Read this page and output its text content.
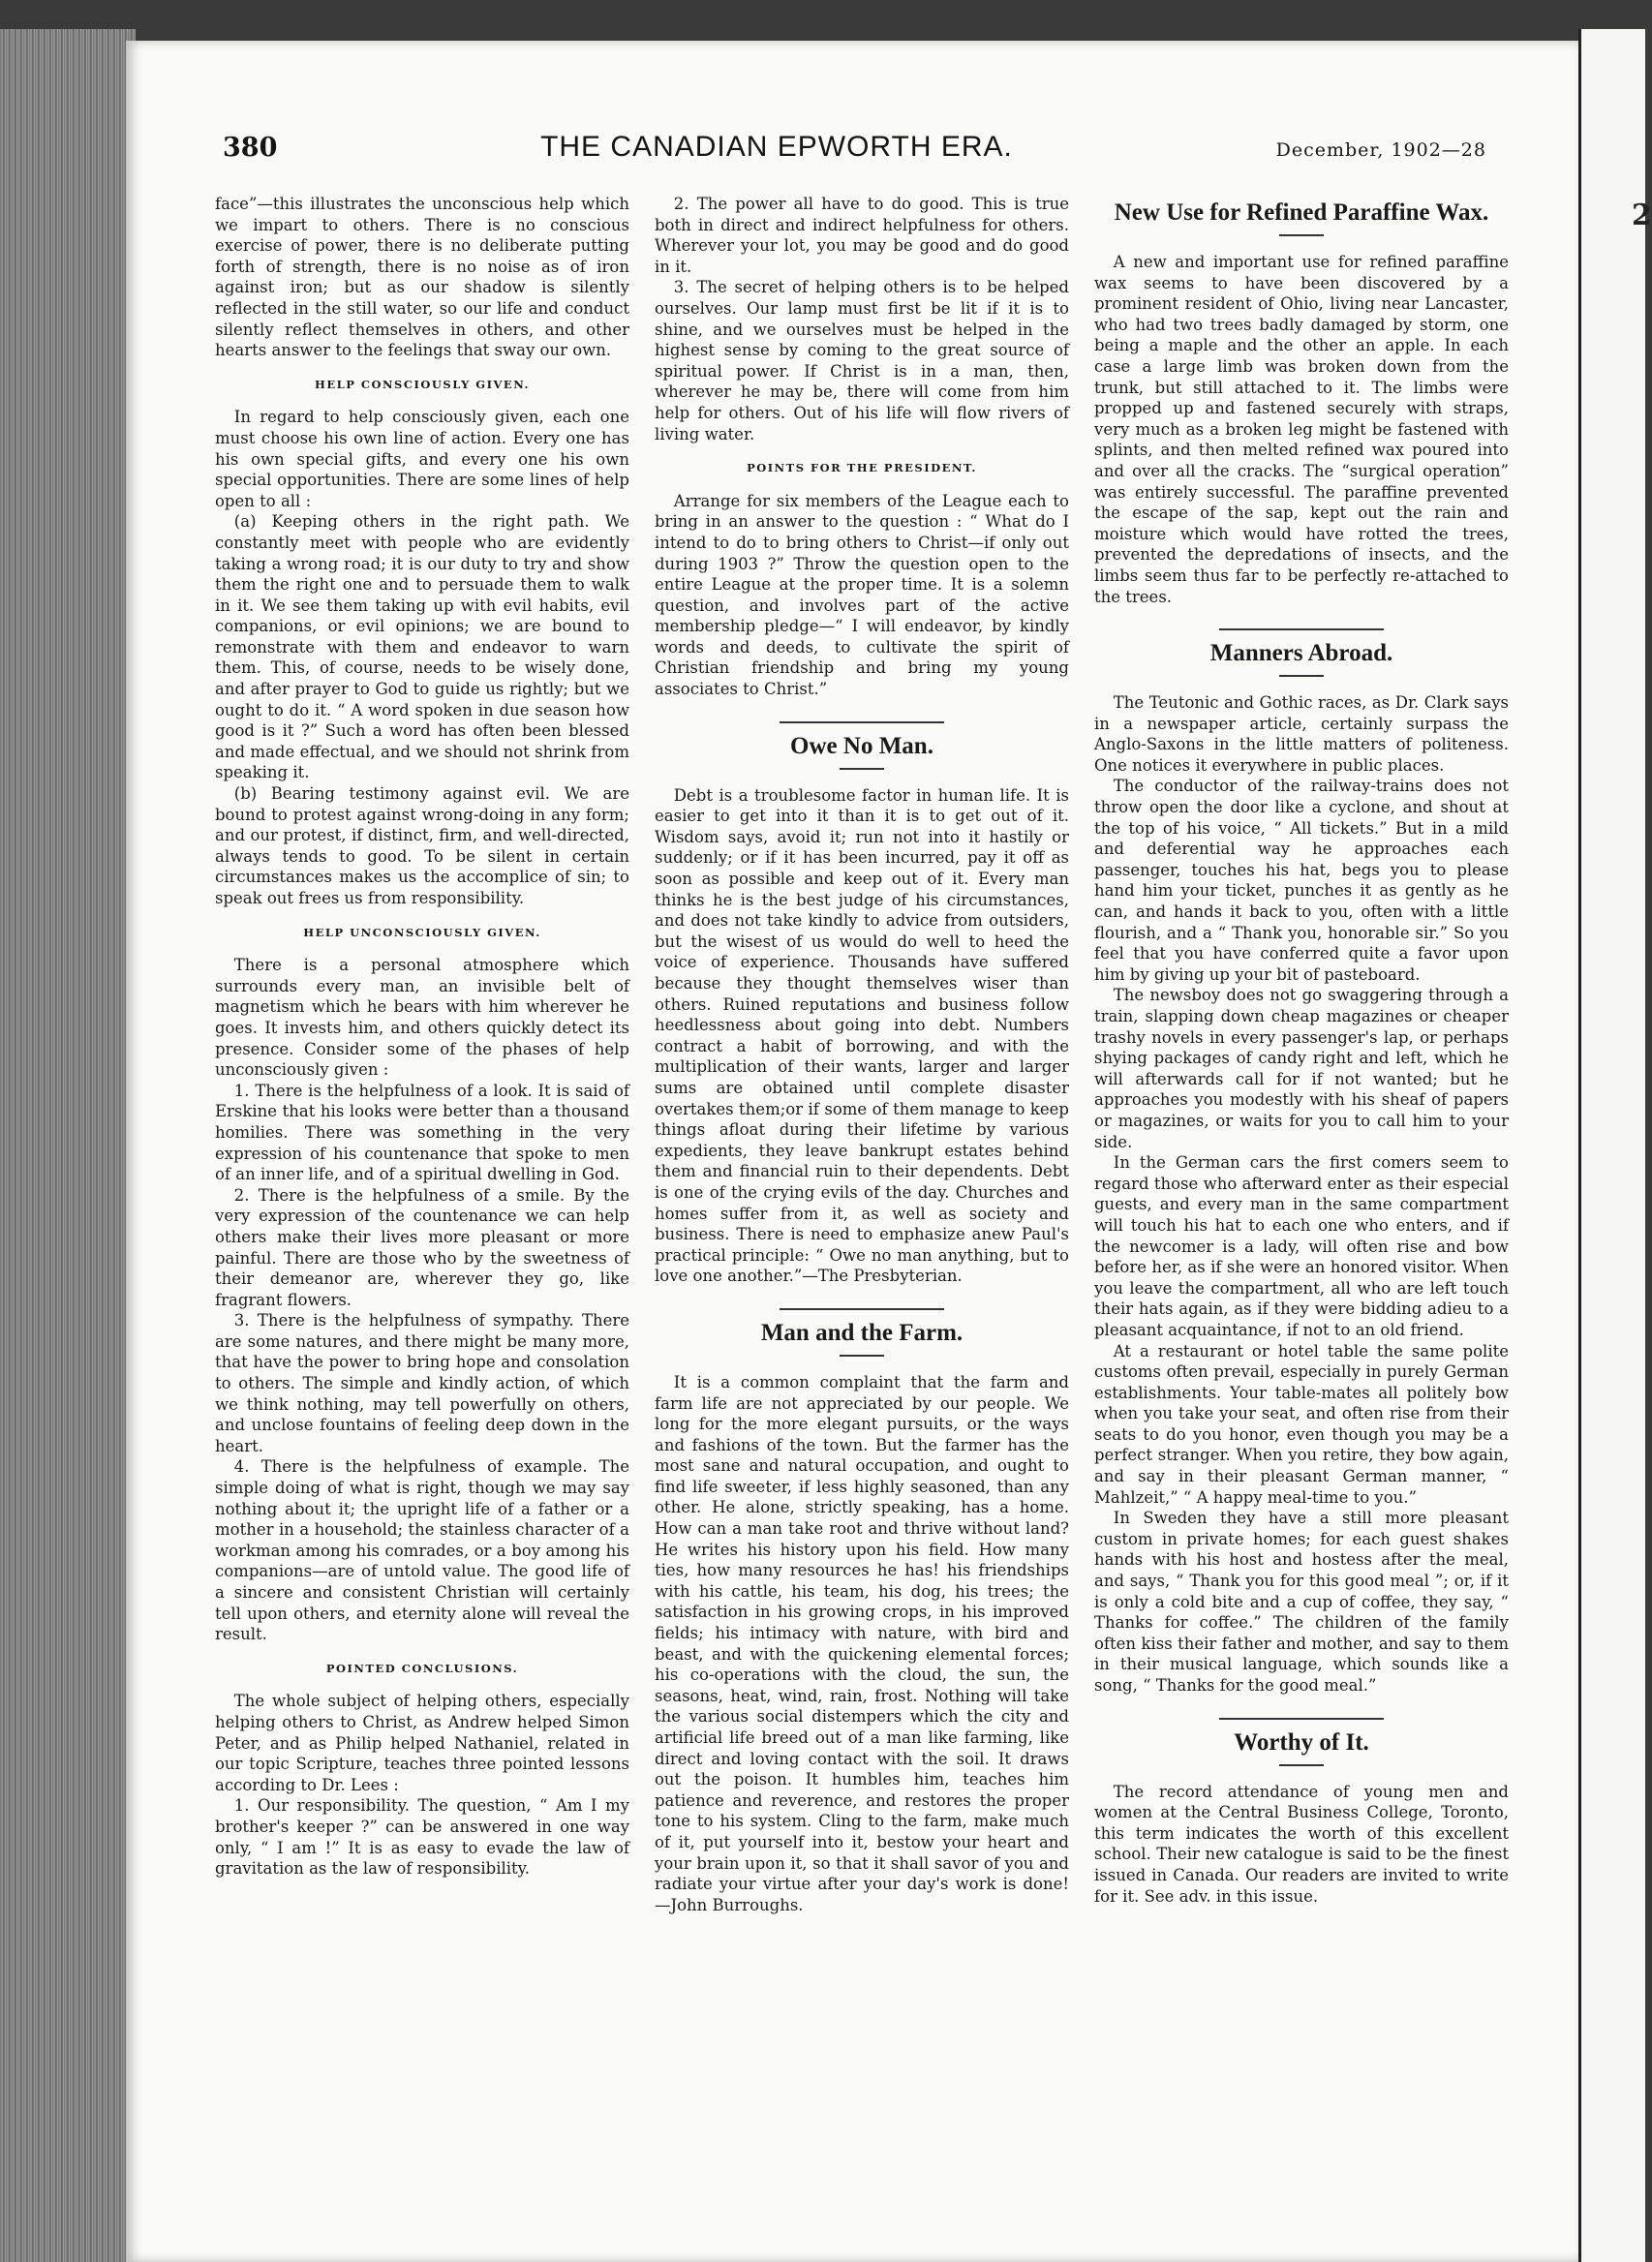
2
380	THE CANADIAN EPWORTH ERA.	December, 1902—28

face”—this illustrates the unconscious help which we impart to others. There is no conscious exercise of power, there is no deliberate putting forth of strength, there is no noise as of iron against iron; but as our shadow is silently reflected in the still water, so our life and conduct silently reflect themselves in others, and other hearts answer to the feelings that sway our own.

HELP CONSCIOUSLY GIVEN.

In regard to help consciously given, each one must choose his own line of action. Every one has his own special gifts, and every one his own special opportunities. There are some lines of help open to all :

(a) Keeping others in the right path. We constantly meet with people who are evidently taking a wrong road; it is our duty to try and show them the right one and to persuade them to walk in it. We see them taking up with evil habits, evil companions, or evil opinions; we are bound to remonstrate with them and endeavor to warn them. This, of course, needs to be wisely done, and after prayer to God to guide us rightly; but we ought to do it. “ A word spoken in due season how good is it ?” Such a word has often been blessed and made effectual, and we should not shrink from speaking it.

(b) Bearing testimony against evil. We are bound to protest against wrong-doing in any form; and our protest, if distinct, firm, and well-directed, always tends to good. To be silent in certain circumstances makes us the accomplice of sin; to speak out frees us from responsibility.

HELP UNCONSCIOUSLY GIVEN.

There is a personal atmosphere which surrounds every man, an invisible belt of magnetism which he bears with him wherever he goes. It invests him, and others quickly detect its presence. Consider some of the phases of help unconsciously given :

1. There is the helpfulness of a look. It is said of Erskine that his looks were better than a thousand homilies. There was something in the very expression of his countenance that spoke to men of an inner life, and of a spiritual dwelling in God.

2. There is the helpfulness of a smile. By the very expression of the countenance we can help others make their lives more pleasant or more painful. There are those who by the sweetness of their demeanor are, wherever they go, like fragrant flowers.

3. There is the helpfulness of sympathy. There are some natures, and there might be many more, that have the power to bring hope and consolation to others. The simple and kindly action, of which we think nothing, may tell powerfully on others, and unclose fountains of feeling deep down in the heart.

4. There is the helpfulness of example. The simple doing of what is right, though we may say nothing about it; the upright life of a father or a mother in a household; the stainless character of a workman among his comrades, or a boy among his companions—are of untold value. The good life of a sincere and consistent Christian will certainly tell upon others, and eternity alone will reveal the result.

POINTED CONCLUSIONS.

The whole subject of helping others, especially helping others to Christ, as Andrew helped Simon Peter, and as Philip helped Nathaniel, related in our topic Scripture, teaches three pointed lessons according to Dr. Lees :

1. Our responsibility. The question, “ Am I my brother's keeper ?” can be answered in one way only, “ I am !” It is as easy to evade the law of gravitation as the law of responsibility.

2. The power all have to do good. This is true both in direct and indirect helpfulness for others. Wherever your lot, you may be good and do good in it.

3. The secret of helping others is to be helped ourselves. Our lamp must first be lit if it is to shine, and we ourselves must be helped in the highest sense by coming to the great source of spiritual power. If Christ is in a man, then, wherever he may be, there will come from him help for others. Out of his life will flow rivers of living water.

POINTS FOR THE PRESIDENT.

Arrange for six members of the League each to bring in an answer to the question : “ What do I intend to do to bring others to Christ—if only out during 1903 ?” Throw the question open to the entire League at the proper time. It is a solemn question, and involves part of the active membership pledge—“ I will endeavor, by kindly words and deeds, to cultivate the spirit of Christian friendship and bring my young associates to Christ.”

Owe No Man.

Debt is a troublesome factor in human life. It is easier to get into it than it is to get out of it. Wisdom says, avoid it; run not into it hastily or suddenly; or if it has been incurred, pay it off as soon as possible and keep out of it. Every man thinks he is the best judge of his circumstances, and does not take kindly to advice from outsiders, but the wisest of us would do well to heed the voice of experience. Thousands have suffered because they thought themselves wiser than others. Ruined reputations and business follow heedlessness about going into debt. Numbers contract a habit of borrowing, and with the multiplication of their wants, larger and larger sums are obtained until complete disaster overtakes them;or if some of them manage to keep things afloat during their lifetime by various expedients, they leave bankrupt estates behind them and financial ruin to their dependents. Debt is one of the crying evils of the day. Churches and homes suffer from it, as well as society and business. There is need to emphasize anew Paul's practical principle: “ Owe no man anything, but to love one another.”—The Presbyterian.

Man and the Farm.

It is a common complaint that the farm and farm life are not appreciated by our people. We long for the more elegant pursuits, or the ways and fashions of the town. But the farmer has the most sane and natural occupation, and ought to find life sweeter, if less highly seasoned, than any other. He alone, strictly speaking, has a home. How can a man take root and thrive without land? He writes his history upon his field. How many ties, how many resources he has! his friendships with his cattle, his team, his dog, his trees; the satisfaction in his growing crops, in his improved fields; his intimacy with nature, with bird and beast, and with the quickening elemental forces; his co-operations with the cloud, the sun, the seasons, heat, wind, rain, frost. Nothing will take the various social distempers which the city and artificial life breed out of a man like farming, like direct and loving contact with the soil. It draws out the poison. It humbles him, teaches him patience and reverence, and restores the proper tone to his system. Cling to the farm, make much of it, put yourself into it, bestow your heart and your brain upon it, so that it shall savor of you and radiate your virtue after your day's work is done!—John Burroughs.

New Use for Refined Paraffine Wax.

A new and important use for refined paraffine wax seems to have been discovered by a prominent resident of Ohio, living near Lancaster, who had two trees badly damaged by storm, one being a maple and the other an apple. In each case a large limb was broken down from the trunk, but still attached to it. The limbs were propped up and fastened securely with straps, very much as a broken leg might be fastened with splints, and then melted refined wax poured into and over all the cracks. The “surgical operation” was entirely successful. The paraffine prevented the escape of the sap, kept out the rain and moisture which would have rotted the trees, prevented the depredations of insects, and the limbs seem thus far to be perfectly re-attached to the trees.

Manners Abroad.

The Teutonic and Gothic races, as Dr. Clark says in a newspaper article, certainly surpass the Anglo-Saxons in the little matters of politeness. One notices it everywhere in public places.

The conductor of the railway-trains does not throw open the door like a cyclone, and shout at the top of his voice, “ All tickets.” But in a mild and deferential way he approaches each passenger, touches his hat, begs you to please hand him your ticket, punches it as gently as he can, and hands it back to you, often with a little flourish, and a “ Thank you, honorable sir.” So you feel that you have conferred quite a favor upon him by giving up your bit of pasteboard.

The newsboy does not go swaggering through a train, slapping down cheap magazines or cheaper trashy novels in every passenger's lap, or perhaps shying packages of candy right and left, which he will afterwards call for if not wanted; but he approaches you modestly with his sheaf of papers or magazines, or waits for you to call him to your side.

In the German cars the first comers seem to regard those who afterward enter as their especial guests, and every man in the same compartment will touch his hat to each one who enters, and if the newcomer is a lady, will often rise and bow before her, as if she were an honored visitor. When you leave the compartment, all who are left touch their hats again, as if they were bidding adieu to a pleasant acquaintance, if not to an old friend.

At a restaurant or hotel table the same polite customs often prevail, especially in purely German establishments. Your table-mates all politely bow when you take your seat, and often rise from their seats to do you honor, even though you may be a perfect stranger. When you retire, they bow again, and say in their pleasant German manner, “ Mahlzeit,” “ A happy meal-time to you.”

In Sweden they have a still more pleasant custom in private homes; for each guest shakes hands with his host and hostess after the meal, and says, “ Thank you for this good meal ”; or, if it is only a cold bite and a cup of coffee, they say, “ Thanks for coffee.” The children of the family often kiss their father and mother, and say to them in their musical language, which sounds like a song, “ Thanks for the good meal.”

Worthy of It.

The record attendance of young men and women at the Central Business College, Toronto, this term indicates the worth of this excellent school. Their new catalogue is said to be the finest issued in Canada. Our readers are invited to write for it. See adv. in this issue.
